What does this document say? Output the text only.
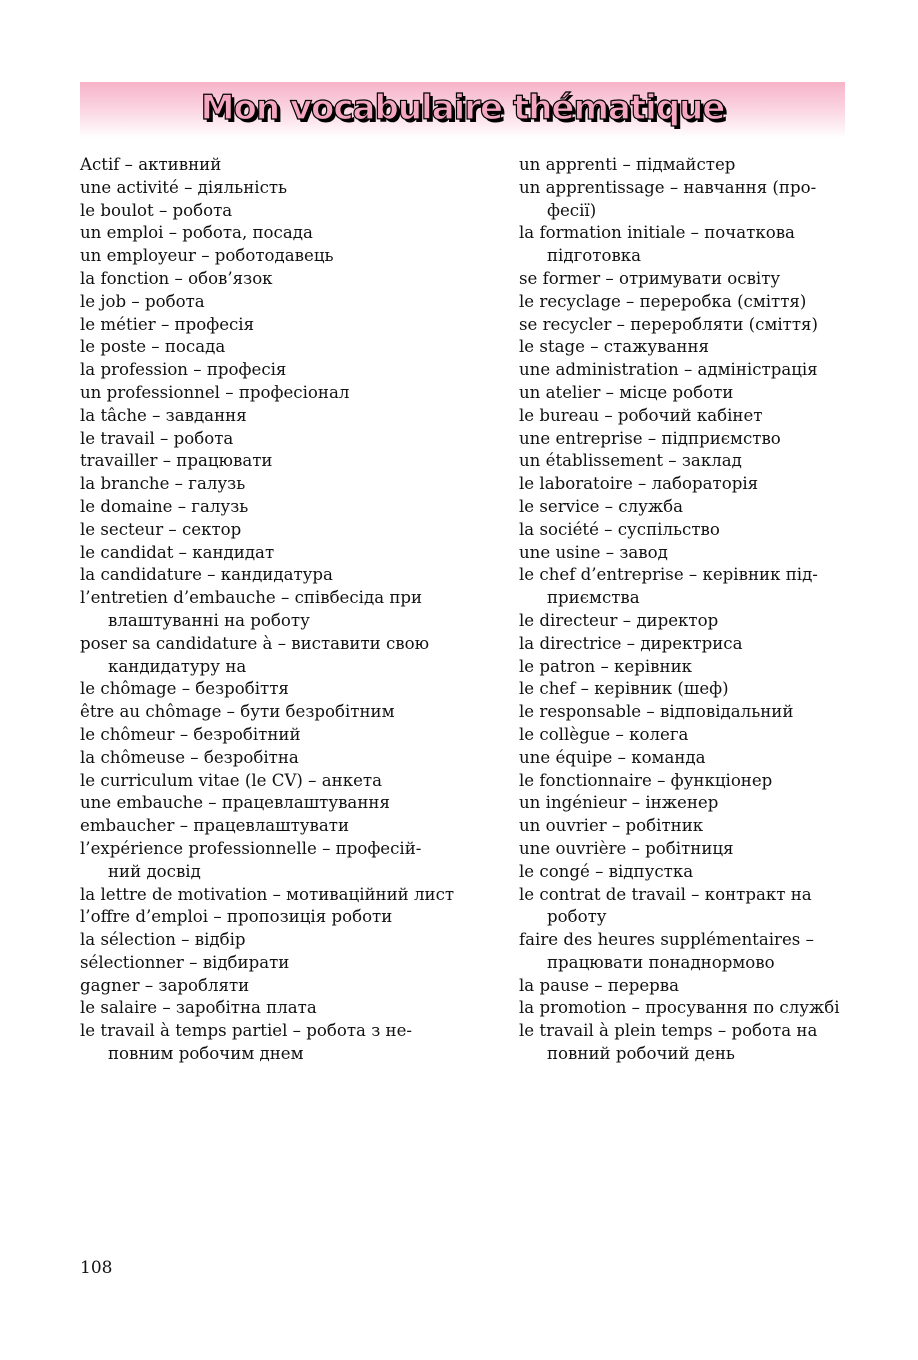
Mon vocabulaire thématique
Actif – активний
une activité – діяльність
le boulot – робота
un emploi – робота, посада
un employeur – роботодавець
la fonction – обов’язок
le job – робота
le métier – професія
le poste – посада
la profession – професія
un professionnel – професіонал
la tâche – завдання
le travail – робота
travailler – працювати
la branche – галузь
le domaine – галузь
le secteur – сектор
le candidat – кандидат
la candidature – кандидатура
l’entretien d’embauche – співбесіда при
влаштуванні на роботу
poser sa candidature à – виставити свою
кандидатуру на
le chômage – безробіття
être au chômage – бути безробітним
le chômeur – безробітний
la chômeuse – безробітна
le curriculum vitae (le CV) – анкета
une embauche – працевлаштування
embaucher – працевлаштувати
l’expérience professionnelle – професій-
ний досвід
la lettre de motivation – мотиваційний лист
l’offre d’emploi – пропозиція роботи
la sélection – відбір
sélectionner – відбирати
gagner – заробляти
le salaire – заробітна плата
le travail à temps partiel – робота з не-
повним робочим днем
un apprenti – підмайстер
un apprentissage – навчання (про-
фесії)
la formation initiale – початкова
підготовка
se former – отримувати освіту
le recyclage – переробка (сміття)
se recycler – переробляти (сміття)
le stage – стажування
une administration – адміністрація
un atelier – місце роботи
le bureau – робочий кабінет
une entreprise – підприємство
un établissement – заклад
le laboratoire – лабораторія
le service – служба
la société – суспільство
une usine – завод
le chef d’entreprise – керівник під-
приємства
le directeur – директор
la directrice – директриса
le patron – керівник
le chef – керівник (шеф)
le responsable – відповідальний
le collègue – колега
une équipe – команда
le fonctionnaire – функціонер
un ingénieur – інженер
un ouvrier – робітник
une ouvrière – робітниця
le congé – відпустка
le contrat de travail – контракт на
роботу
faire des heures supplémentaires –
працювати понаднормово
la pause – перерва
la promotion – просування по службі
le travail à plein temps – робота на
повний робочий день
108
